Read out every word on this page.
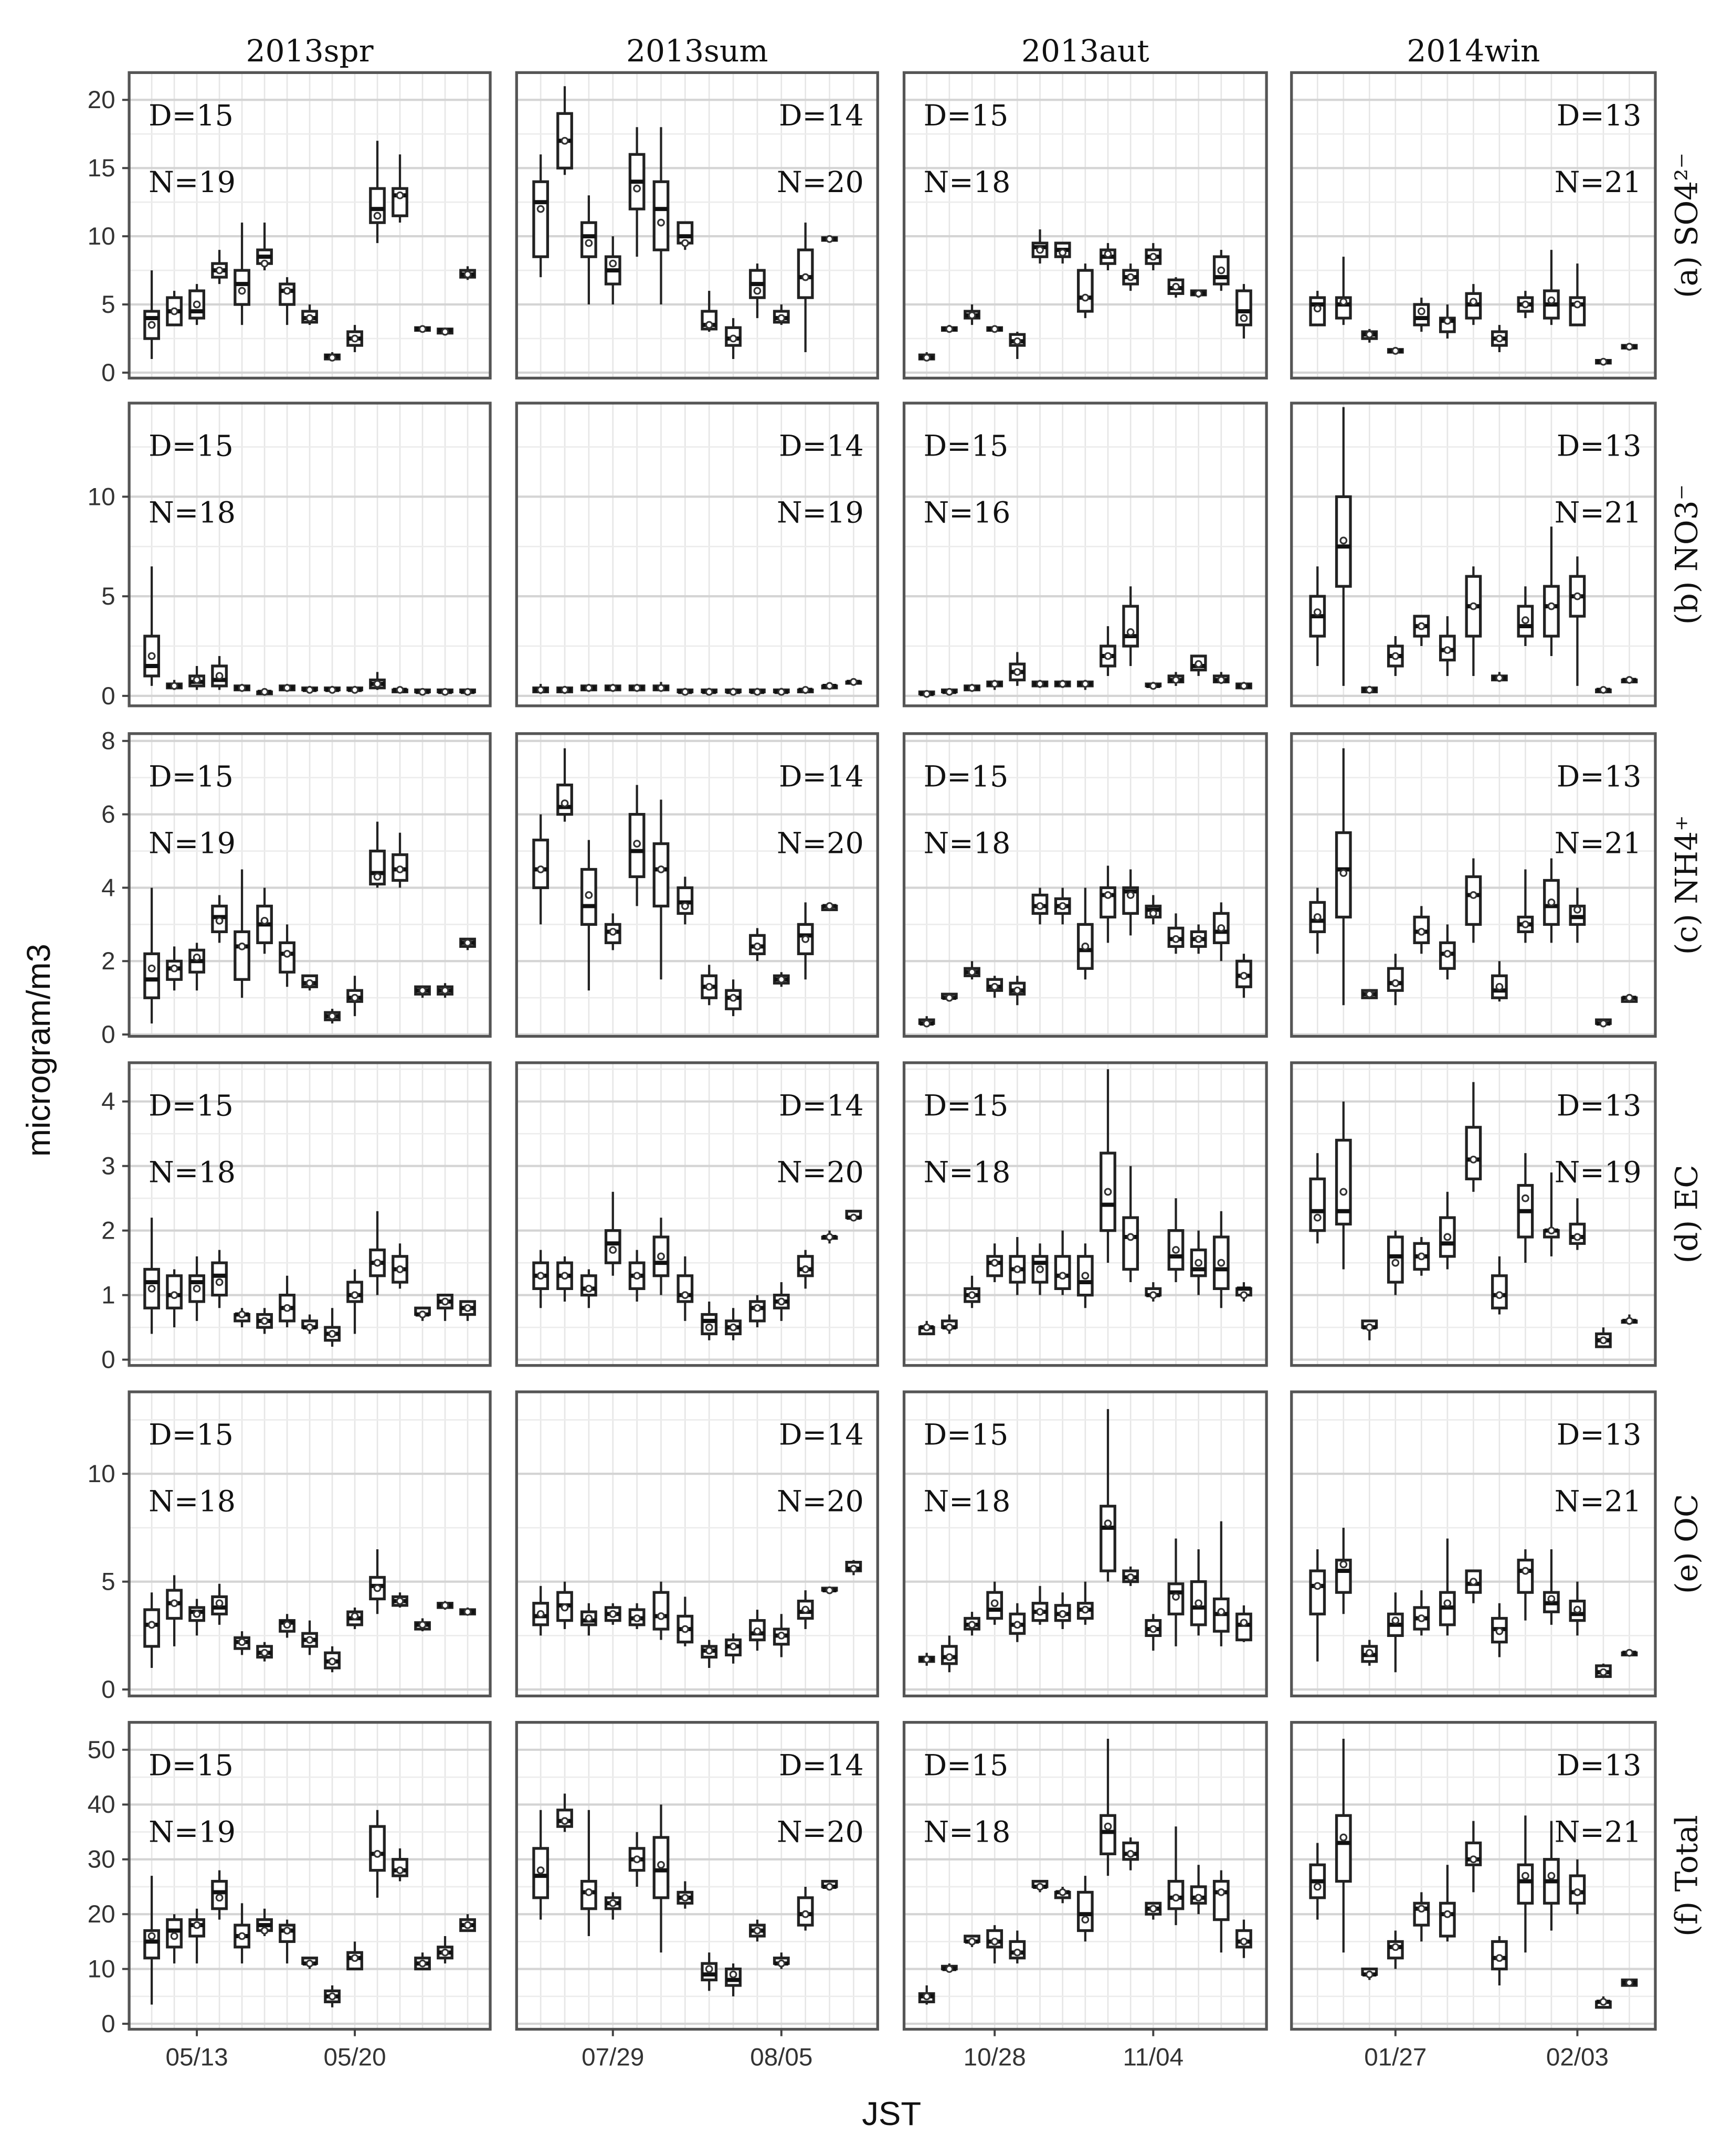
2013spr	2013sum	2013aut	2014win
D=15
N=19
0
5
10
15
20	D=14
N=20
D=15
N=18
D=13
N=21 (a) SO4²⁻
D=15
N=18
0
5
10
D=14
N=19
D=15
N=16
D=13
N=21 (b) NO3⁻
D=15
N=19
0
2
4
6
8
D=14
N=20
D=15
N=18
D=13
N=21 (c) NH4⁺
D=15
N=18
0
1
2
3
4	D=14
N=20
D=15
N=18
D=13
N=19 (d) EC
D=15
N=18
0
5
10
D=14
N=20
D=15
N=18
D=13
N=21 (e) OC
D=15
N=19
0
10
20
30
40
50
05/13	05/20
D=14
N=20
07/29	08/05
D=15
N=18
10/28	11/04
D=13
N=21
01/27	02/03
(f) Total
JST
microgram/m3
